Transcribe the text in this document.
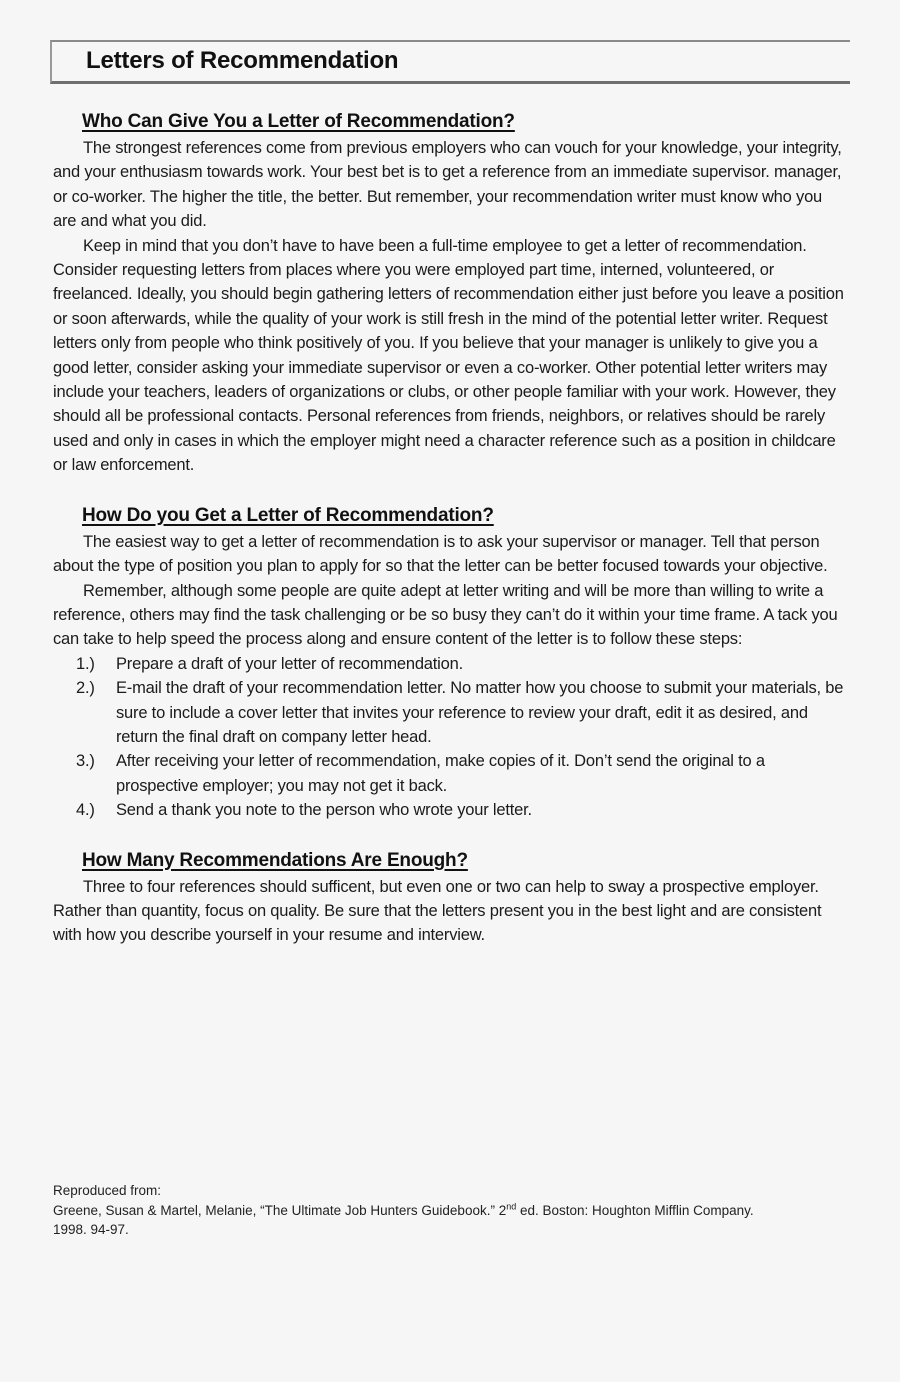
Letters of Recommendation
Who Can Give You a Letter of Recommendation?

The strongest references come from previous employers who can vouch for your knowledge, your integrity, and your enthusiasm towards work. Your best bet is to get a reference from an immediate supervisor. manager, or co-worker. The higher the title, the better. But remember, your recommendation writer must know who you are and what you did.

Keep in mind that you don’t have to have been a full-time employee to get a letter of recommendation. Consider requesting letters from places where you were employed part time, interned, volunteered, or freelanced. Ideally, you should begin gathering letters of recommendation either just before you leave a position or soon afterwards, while the quality of your work is still fresh in the mind of the potential letter writer. Request letters only from people who think positively of you. If you believe that your manager is unlikely to give you a good letter, consider asking your immediate supervisor or even a co-worker. Other potential letter writers may include your teachers, leaders of organizations or clubs, or other people familiar with your work. However, they should all be professional contacts. Personal references from friends, neighbors, or relatives should be rarely used and only in cases in which the employer might need a character reference such as a position in childcare or law enforcement.

How Do you Get a Letter of Recommendation?

The easiest way to get a letter of recommendation is to ask your supervisor or manager. Tell that person about the type of position you plan to apply for so that the letter can be better focused towards your objective.

Remember, although some people are quite adept at letter writing and will be more than willing to write a reference, others may find the task challenging or be so busy they can’t do it within your time frame. A tack you can take to help speed the process along and ensure content of the letter is to follow these steps:

1.)	Prepare a draft of your letter of recommendation.
2.)	E-mail the draft of your recommendation letter. No matter how you choose to submit your materials, be sure to include a cover letter that invites your reference to review your draft, edit it as desired, and return the final draft on company letter head.
3.)	After receiving your letter of recommendation, make copies of it. Don’t send the original to a prospective employer; you may not get it back.
4.)	Send a thank you note to the person who wrote your letter.
How Many Recommendations Are Enough?

Three to four references should sufficent, but even one or two can help to sway a prospective employer. Rather than quantity, focus on quality. Be sure that the letters present you in the best light and are consistent with how you describe yourself in your resume and interview.

Reproduced from:
Greene, Susan & Martel, Melanie, “The Ultimate Job Hunters Guidebook.” 2nd ed. Boston: Houghton Mifflin Company.
1998. 94-97.
